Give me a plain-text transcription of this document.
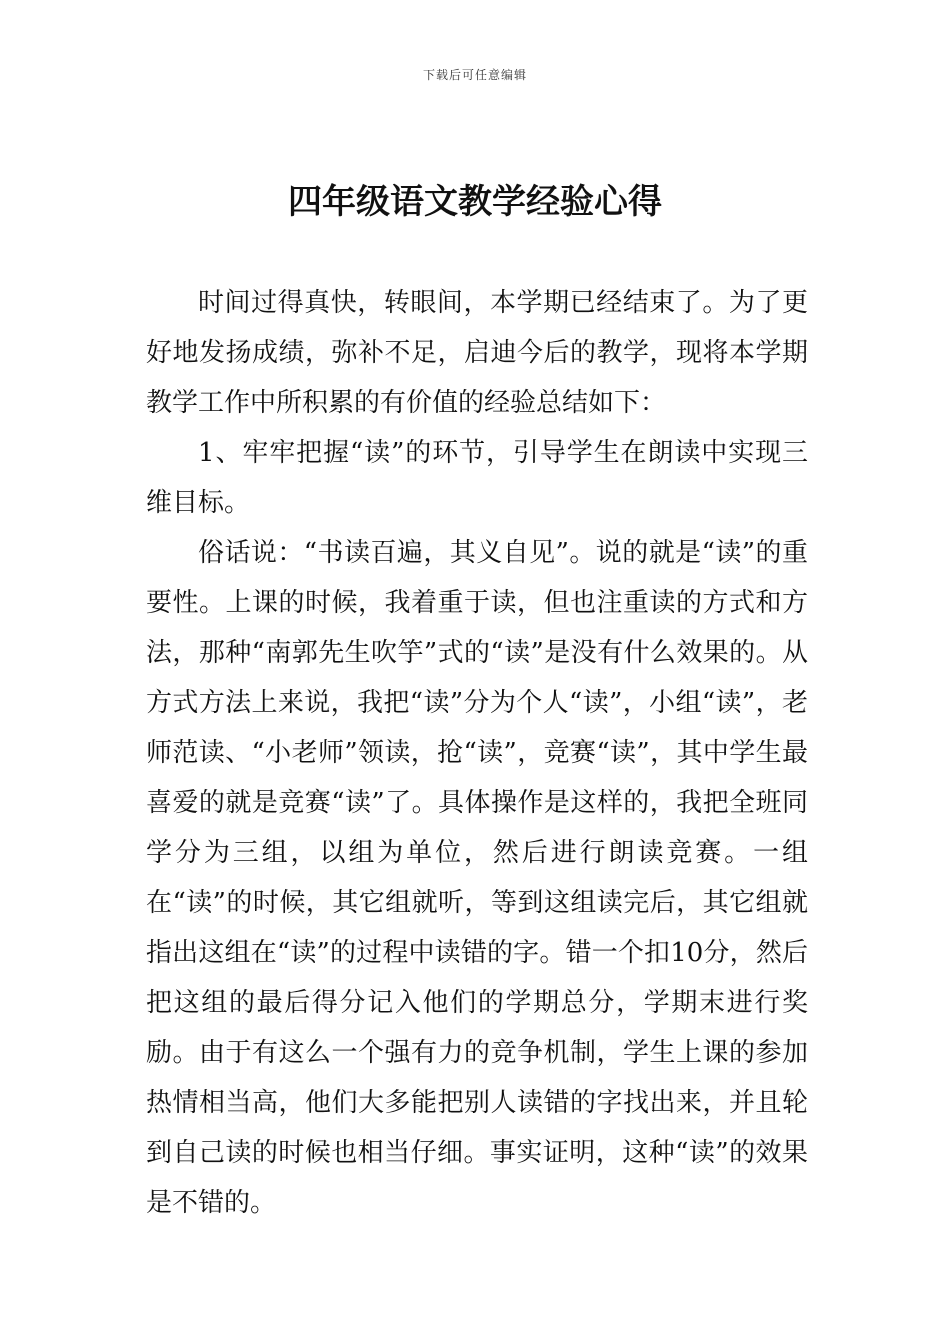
下载后可任意编辑
四年级语文教学经验心得

时间过得真快，转眼间，本学期已经结束了。为了更好地发扬成绩，弥补不足，启迪今后的教学，现将本学期教学工作中所积累的有价值的经验总结如下：

1、牢牢把握“读”的环节，引导学生在朗读中实现三维目标。

俗话说：“书读百遍，其义自见”。说的就是“读”的重要性。上课的时候，我着重于读，但也注重读的方式和方法，那种“南郭先生吹竽”式的“读”是没有什么效果的。从方式方法上来说，我把“读”分为个人“读”，小组“读”，老师范读、“小老师”领读，抢“读”，竞赛“读”，其中学生最喜爱的就是竞赛“读”了。具体操作是这样的，我把全班同学分为三组，以组为单位，然后进行朗读竞赛。一组在“读”的时候，其它组就听，等到这组读完后，其它组就指出这组在“读”的过程中读错的字。错一个扣10分，然后把这组的最后得分记入他们的学期总分，学期末进行奖励。由于有这么一个强有力的竞争机制，学生上课的参加热情相当高，他们大多能把别人读错的字找出来，并且轮到自己读的时候也相当仔细。事实证明，这种“读”的效果是不错的。
